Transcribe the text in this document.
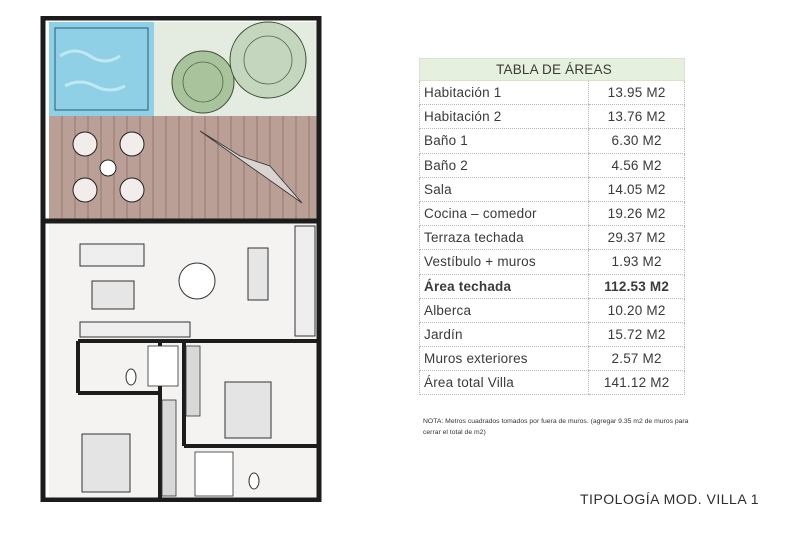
TABLA DE ÁREAS	
Habitación 1	13.95 M2
Habitación 2	13.76 M2
Baño 1	6.30 M2
Baño 2	4.56 M2
Sala	14.05 M2
Cocina – comedor	19.26 M2
Terraza techada	29.37 M2
Vestíbulo + muros	1.93 M2
Área techada	112.53 M2
Alberca	10.20 M2
Jardín	15.72 M2
Muros exteriores	2.57 M2
Área total Villa	141.12 M2
NOTA: Metros cuadrados tomados por fuera de muros. (agregar 9.35 m2 de muros para cerrar el total de m2)
TIPOLOGÍA MOD. VILLA 1
